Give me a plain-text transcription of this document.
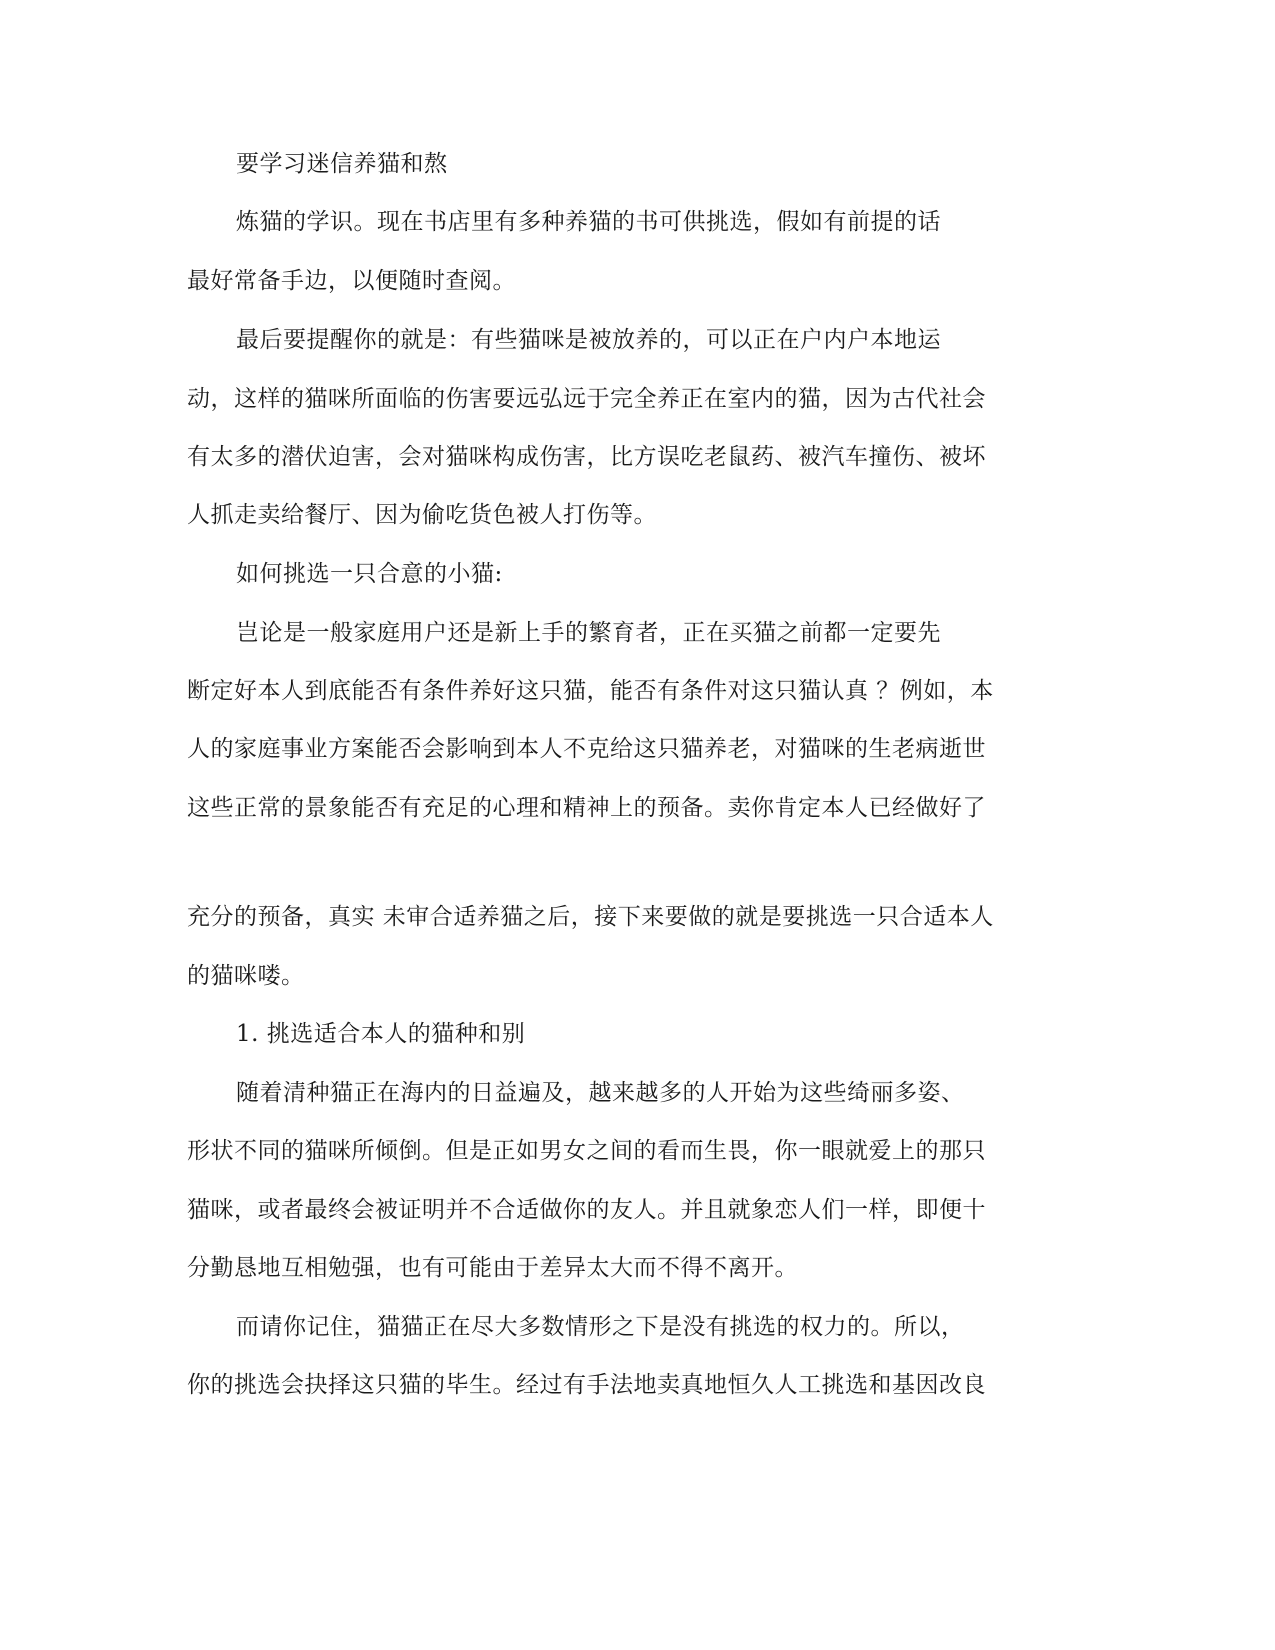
要学习迷信养猫和熬
炼猫的学识。现在书店里有多种养猫的书可供挑选，假如有前提的话
最好常备手边，以便随时查阅。
最后要提醒你的就是：有些猫咪是被放养的，可以正在户内户本地运
动，这样的猫咪所面临的伤害要远弘远于完全养正在室内的猫，因为古代社会
有太多的潜伏迫害，会对猫咪构成伤害，比方误吃老鼠药、被汽车撞伤、被坏
人抓走卖给餐厅、因为偷吃货色被人打伤等。
如何挑选一只合意的小猫:
岂论是一般家庭用户还是新上手的繁育者，正在买猫之前都一定要先
断定好本人到底能否有条件养好这只猫，能否有条件对这只猫认真 ？例如，本
人的家庭事业方案能否会影响到本人不克给这只猫养老，对猫咪的生老病逝世
这些正常的景象能否有充足的心理和精神上的预备。卖你肯定本人已经做好了
充分的预备，真实 未审合适养猫之后，接下来要做的就是要挑选一只合适本人
的猫咪喽。
1. 挑选适合本人的猫种和别
随着清种猫正在海内的日益遍及，越来越多的人开始为这些绮丽多姿、
形状不同的猫咪所倾倒。但是正如男女之间的看而生畏，你一眼就爱上的那只
猫咪，或者最终会被证明并不合适做你的友人。并且就象恋人们一样，即便十
分勤恳地互相勉强，也有可能由于差异太大而不得不离开。
而请你记住，猫猫正在尽大多数情形之下是没有挑选的权力的。所以，
你的挑选会抉择这只猫的毕生。经过有手法地卖真地恒久人工挑选和基因改良
